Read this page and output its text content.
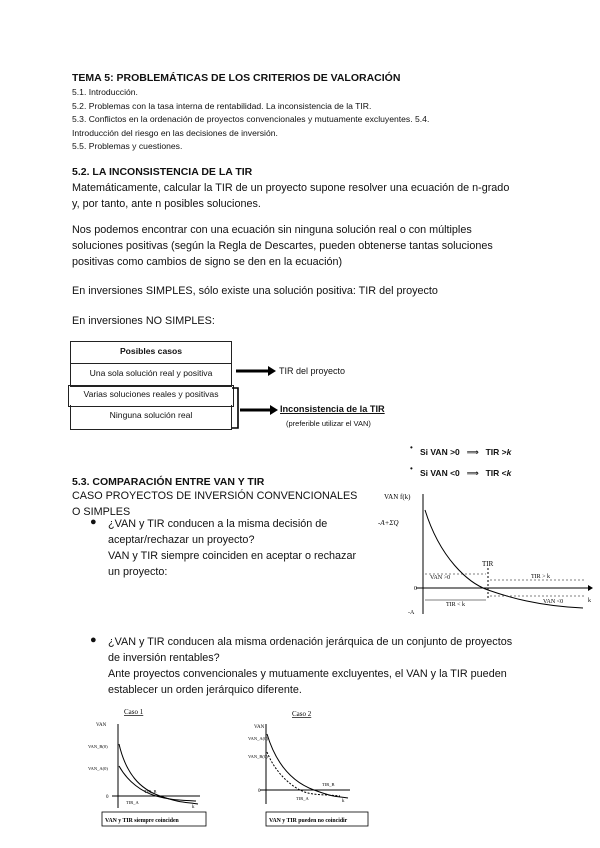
TEMA 5: PROBLEMÁTICAS DE LOS CRITERIOS DE VALORACIÓN
5.1. Introducción.
5.2. Problemas con la tasa interna de rentabilidad. La inconsistencia de la TIR.
5.3. Conflictos en la ordenación de proyectos convencionales y mutuamente excluyentes. 5.4.
Introducción del riesgo en las decisiones de inversión.
5.5. Problemas y cuestiones.
5.2. LA INCONSISTENCIA DE LA TIR
Matemáticamente, calcular la TIR de un proyecto supone resolver una ecuación de n-grado
y, por tanto, ante n posibles soluciones.
Nos podemos encontrar con una ecuación sin ninguna solución real o con múltiples
soluciones positivas (según la Regla de Descartes, pueden obtenerse tantas soluciones
positivas como cambios de signo se den en la ecuación)
En inversiones SIMPLES, sólo existe una solución positiva: TIR del proyecto
En inversiones NO SIMPLES:
Posibles casos
Una sola solución real y positiva
Varias soluciones reales y positivas
Ninguna solución real
TIR del proyecto
Inconsistencia de la TIR
(preferible utilizar el VAN)
Si VAN >0  ⟹  TIR >k
•
Si VAN <0  ⟹  TIR <k
•
5.3. COMPARACIÓN ENTRE VAN Y TIR
CASO PROYECTOS DE INVERSIÓN CONVENCIONALES
O SIMPLES
● ¿VAN y TIR conducen a la misma decisión de
aceptar/rechazar un proyecto?
VAN y TIR siempre coinciden en aceptar o rechazar
un proyecto:
VAN f(k)
-A+ΣQ
TIR
VAN >0
VAN <0
TIR > k
TIR < k
0
-A
k
● ¿VAN y TIR conducen ala misma ordenación jerárquica de un conjunto de proyectos
de inversión rentables?
Ante proyectos convencionales y mutuamente excluyentes, el VAN y la TIR pueden
establecer un orden jerárquico diferente.
Caso 1
VAN
VAN_B(0)
VAN_A(0)
TIR_B
TIR_A
0
k
VAN y TIR siempre coinciden
Caso 2
VAN
VAN_A(0)
VAN_B(0)
TIR_B
TIR_A
0
k
VAN y TIR pueden no coincidir
